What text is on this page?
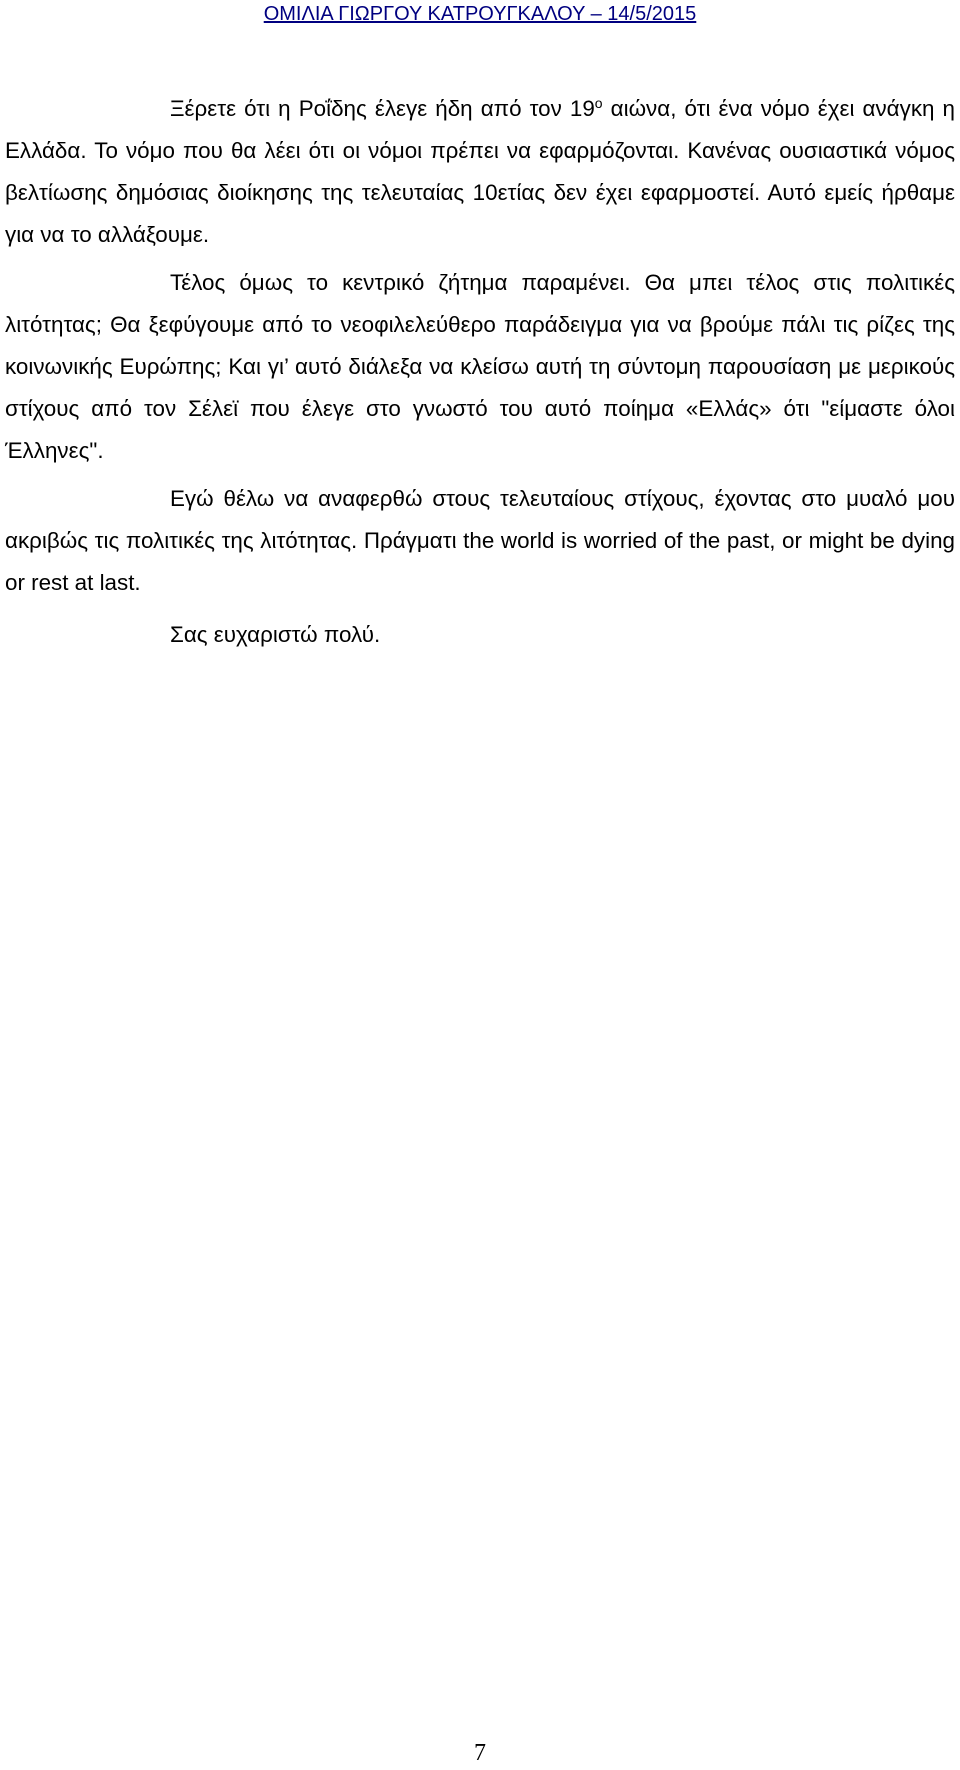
ΟΜΙΛΙΑ ΓΙΩΡΓΟΥ ΚΑΤΡΟΥΓΚΑΛΟΥ – 14/5/2015

Ξέρετε ότι η Ροΐδης έλεγε ήδη από τον $19^o$ αιώνα, ότι ένα νόμο έχει ανάγκη η Ελλάδα. Το νόμο που θα λέει ότι οι νόμοι πρέπει να εφαρμόζονται. Κανένας ουσιαστικά νόμος βελτίωσης δημόσιας διοίκησης της τελευταίας 10ετίας δεν έχει εφαρμοστεί. Αυτό εμείς ήρθαμε για να το αλλάξουμε.

Τέλος όμως το κεντρικό ζήτημα παραμένει. Θα μπει τέλος στις πολιτικές λιτότητας; Θα ξεφύγουμε από το νεοφιλελεύθερο παράδειγμα για να βρούμε πάλι τις ρίζες της κοινωνικής Ευρώπης; Και γι’ αυτό διάλεξα να κλείσω αυτή τη σύντομη παρουσίαση με μερικούς στίχους από τον Σέλεϊ που έλεγε στο γνωστό του αυτό ποίημα «Ελλάς» ότι "είμαστε όλοι Έλληνες".

Εγώ θέλω να αναφερθώ στους τελευταίους στίχους, έχοντας στο μυαλό μου ακριβώς τις πολιτικές της λιτότητας. Πράγματι the world is worried of the past, or might be dying or rest at last.

Σας ευχαριστώ πολύ.

7
